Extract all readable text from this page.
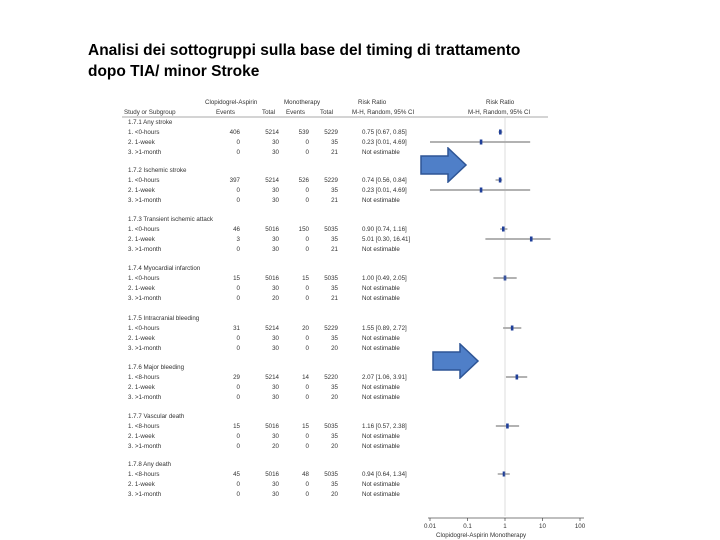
Analisi dei sottogruppi sulla base del timing di trattamento
dopo TIA/ minor Stroke
Clopidogrel-Aspirin	Monotherapy	Risk Ratio	Risk Ratio
Study or Subgroup	Events	Total Events Total	M-H, Random, 95% CI	M-H, Random, 95% CI
1.7.1 Any stroke
1. <0-hours	406	5214	539 5229	0.75 [0.67, 0.85]
2. 1-week	0	30	0	35	0.23 [0.01, 4.69]
3. >1-month	0	30	0	21	Not estimable
1.7.2 Ischemic stroke
1. <0-hours	397	5214	526 5229	0.74 [0.56, 0.84]
2. 1-week	0	30	0	35	0.23 [0.01, 4.69]
3. >1-month	0	30	0	21	Not estimable
1.7.3 Transient ischemic attack
1. <0-hours	46	5016	150 5035	0.90 [0.74, 1.16]
2. 1-week	3	30	0	35	5.01 [0.30, 16.41]
3. >1-month	0	30	0	21	Not estimable
1.7.4 Myocardial infarction
1. <0-hours	15	5016	15 5035	1.00 [0.49, 2.05]
2. 1-week	0	30	0	35	Not estimable
3. >1-month	0	20	0	21	Not estimable
1.7.5 Intracranial bleeding
1. <0-hours	31	5214	20 5229	1.55 [0.89, 2.72]
2. 1-week	0	30	0	35	Not estimable
3. >1-month	0	30	0	20	Not estimable
1.7.6 Major bleeding
1. <8-hours	29	5214	14 5220	2.07 [1.06, 3.91]
2. 1-week	0	30	0	35	Not estimable
3. >1-month	0	30	0	20	Not estimable
1.7.7 Vascular death
1. <8-hours	15	5016	15 5035	1.16 [0.57, 2.38]
2. 1-week	0	30	0	35	Not estimable
3. >1-month	0	20	0	20	Not estimable
1.7.8 Any death
1. <8-hours	45	5016	48 5035	0.94 [0.64, 1.34]
2. 1-week	0	30	0	35	Not estimable
3. >1-month	0	30	0	20	Not estimable
0.01	0.1	1	10	100
Clopidogrel-Aspirin Monotherapy
